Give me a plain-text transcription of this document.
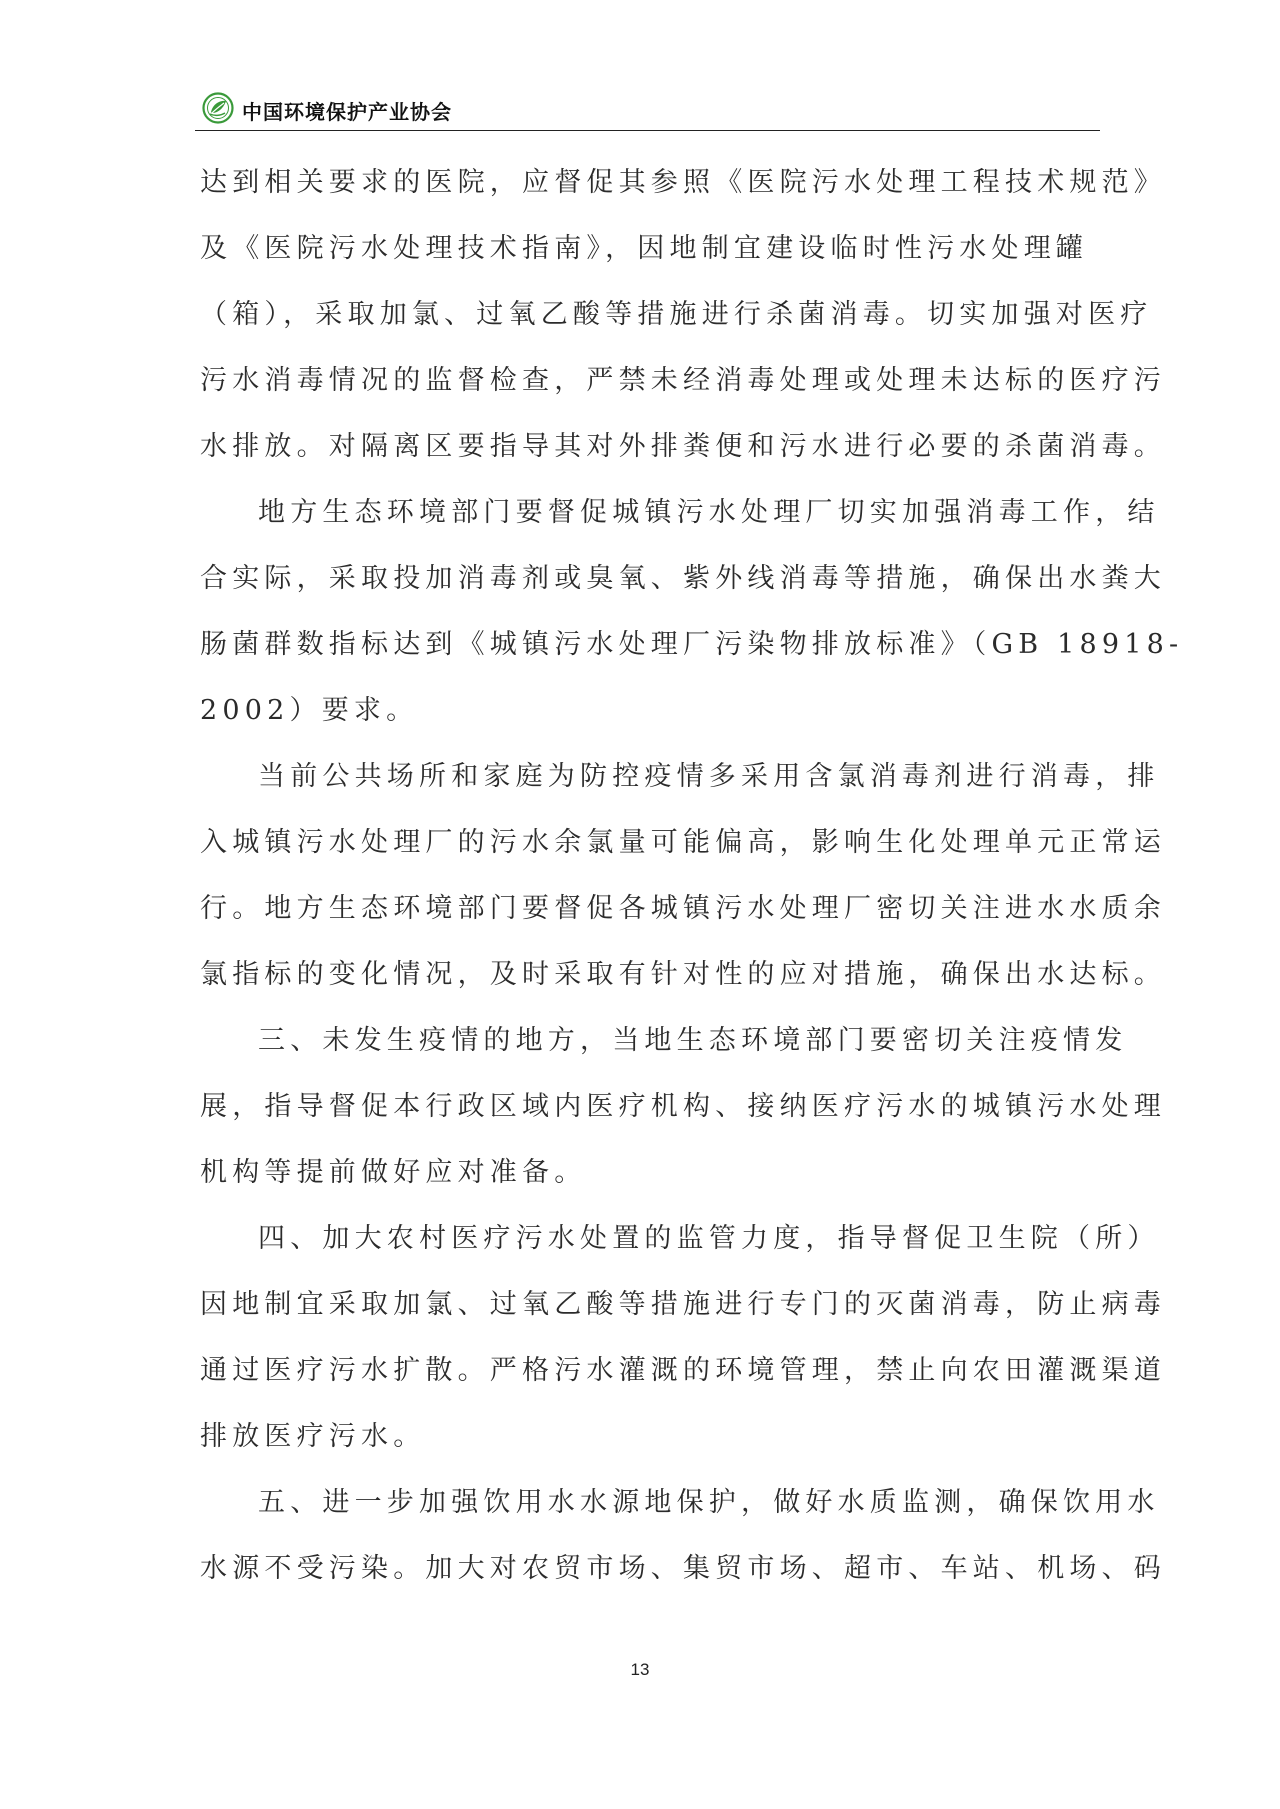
中国环境保护产业协会
达到相关要求的医院，应督促其参照《医院污水处理工程技术规范》
及《医院污水处理技术指南》，因地制宜建设临时性污水处理罐
（箱），采取加氯、过氧乙酸等措施进行杀菌消毒。切实加强对医疗
污水消毒情况的监督检查，严禁未经消毒处理或处理未达标的医疗污
水排放。对隔离区要指导其对外排粪便和污水进行必要的杀菌消毒。
地方生态环境部门要督促城镇污水处理厂切实加强消毒工作，结
合实际，采取投加消毒剂或臭氧、紫外线消毒等措施，确保出水粪大
肠菌群数指标达到《城镇污水处理厂污染物排放标准》（GB 18918-
2002）要求。
当前公共场所和家庭为防控疫情多采用含氯消毒剂进行消毒，排
入城镇污水处理厂的污水余氯量可能偏高，影响生化处理单元正常运
行。地方生态环境部门要督促各城镇污水处理厂密切关注进水水质余
氯指标的变化情况，及时采取有针对性的应对措施，确保出水达标。
三、未发生疫情的地方，当地生态环境部门要密切关注疫情发
展，指导督促本行政区域内医疗机构、接纳医疗污水的城镇污水处理
机构等提前做好应对准备。
四、加大农村医疗污水处置的监管力度，指导督促卫生院（所）
因地制宜采取加氯、过氧乙酸等措施进行专门的灭菌消毒，防止病毒
通过医疗污水扩散。严格污水灌溉的环境管理，禁止向农田灌溉渠道
排放医疗污水。
五、进一步加强饮用水水源地保护，做好水质监测，确保饮用水
水源不受污染。加大对农贸市场、集贸市场、超市、车站、机场、码
13
